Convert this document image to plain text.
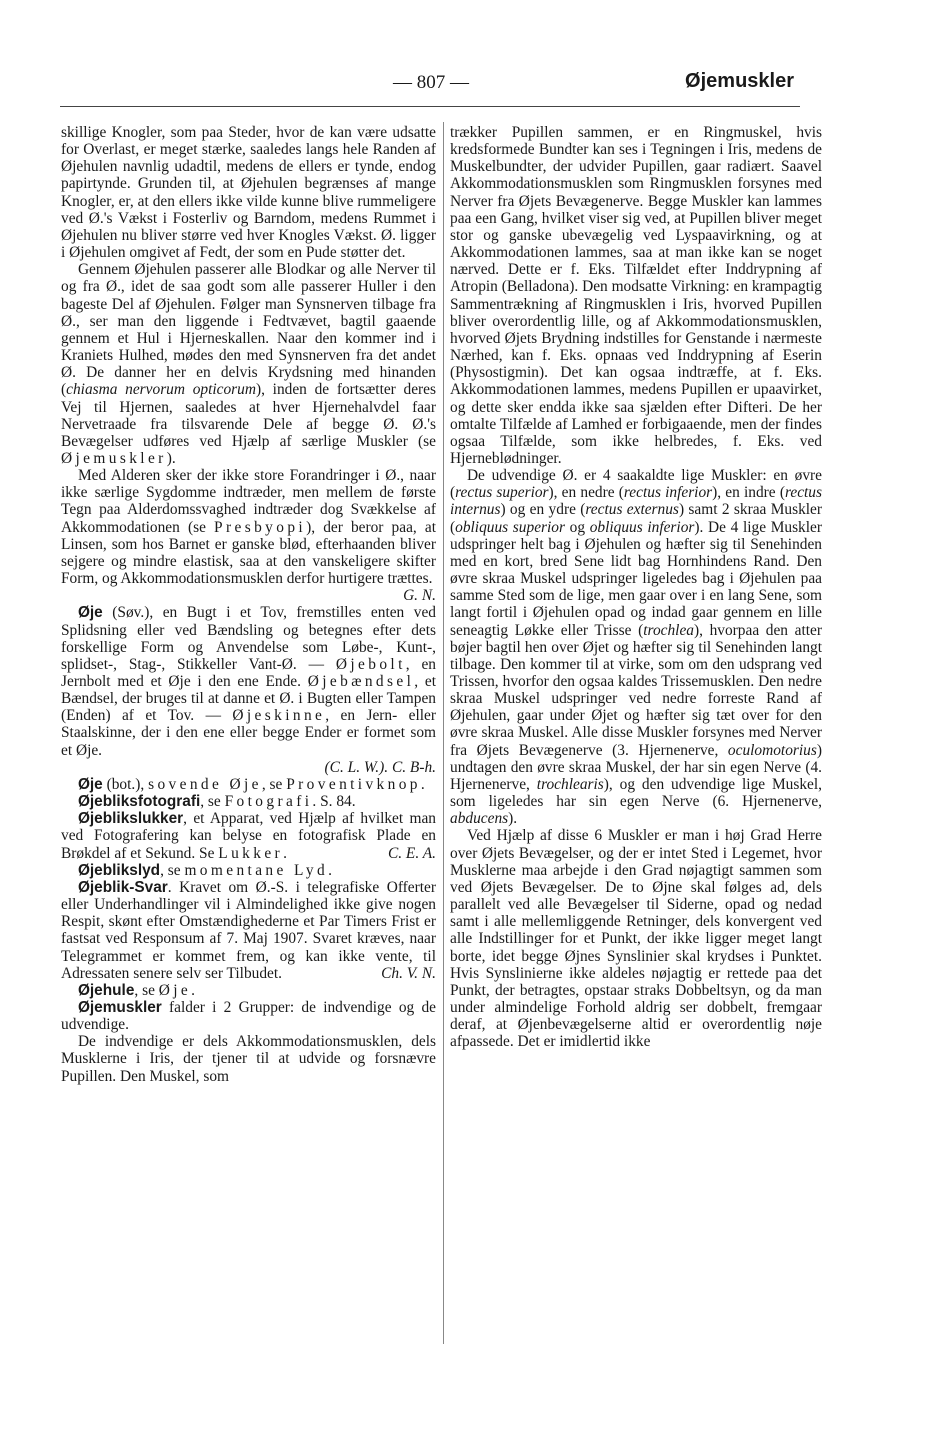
— 807 —	Øjemuskler

skillige Knogler, som paa Steder, hvor de kan være udsatte for Overlast, er meget stærke, saaledes langs hele Randen af Øjehulen navnlig udadtil, medens de ellers er tynde, endog papirtynde. Grunden til, at Øjehulen begrænses af mange Knogler, er, at den ellers ikke vilde kunne blive rummeligere ved Ø.'s Vækst i Fosterliv og Barndom, medens Rummet i Øjehulen nu bliver større ved hver Knogles Vækst. Ø. ligger i Øjehulen omgivet af Fedt, der som en Pude støtter det.

Gennem Øjehulen passerer alle Blodkar og alle Nerver til og fra Ø., idet de saa godt som alle passerer Huller i den bageste Del af Øjehulen. Følger man Synsnerven tilbage fra Ø., ser man den liggende i Fedtvævet, bagtil gaaende gennem et Hul i Hjerneskallen. Naar den kommer ind i Kraniets Hulhed, mødes den med Synsnerven fra det andet Ø. De danner her en delvis Krydsning med hinanden (chiasma nervorum opticorum), inden de fortsætter deres Vej til Hjernen, saaledes at hver Hjernehalvdel faar Nervetraade fra tilsvarende Dele af begge Ø. Ø.'s Bevægelser udføres ved Hjælp af særlige Muskler (se Øjemuskler).

Med Alderen sker der ikke store Forandringer i Ø., naar ikke særlige Sygdomme indtræder, men mellem de første Tegn paa Alderdomssvaghed indtræder dog Svækkelse af Akkommodationen (se Presbyopi), der beror paa, at Linsen, som hos Barnet er ganske blød, efterhaanden bliver sejgere og mindre elastisk, saa at den vanskeligere skifter Form, og Akkommodationsmusklen derfor hurtigere trættes.
G. N.

Øje (Søv.), en Bugt i et Tov, fremstilles enten ved Splidsning eller ved Bændsling og betegnes efter dets forskellige Form og Anvendelse som Løbe-, Kunt-, splidset-, Stag-, Stikkeller Vant-Ø. — Øjebolt, en Jernbolt med et Øje i den ene Ende. Øjebændsel, et Bændsel, der bruges til at danne et Ø. i Bugten eller Tampen (Enden) af et Tov. — Øjeskinne, en Jern- eller Staalskinne, der i den ene eller begge Ender er formet som et Øje.
(C. L. W.). C. B-h.

Øje (bot.), sovende Øje, se Proventivknop.

Øjebliksfotografi, se Fotografi. S. 84.

Øjeblikslukker, et Apparat, ved Hjælp af hvilket man ved Fotografering kan belyse en fotografisk Plade en Brøkdel af et Sekund. Se Lukker.	C. E. A.

Øjeblikslyd, se momentane Lyd.

Øjeblik-Svar. Kravet om Ø.-S. i telegrafiske Offerter eller Underhandlinger vil i Almindelighed ikke give nogen Respit, skønt efter Omstændighederne et Par Timers Frist er fastsat ved Responsum af 7. Maj 1907. Svaret kræves, naar Telegrammet er kommet frem, og kan ikke vente, til Adressaten senere selv ser Tilbudet.	Ch. V. N.

Øjehule, se Øje.

Øjemuskler falder i 2 Grupper: de indvendige og de udvendige.

De indvendige er dels Akkommodationsmusklen, dels Musklerne i Iris, der tjener til at udvide og forsnævre Pupillen. Den Muskel, som

trækker Pupillen sammen, er en Ringmuskel, hvis kredsformede Bundter kan ses i Tegningen i Iris, medens de Muskelbundter, der udvider Pupillen, gaar radiært. Saavel Akkommodationsmusklen som Ringmusklen forsynes med Nerver fra Øjets Bevægenerve. Begge Muskler kan lammes paa een Gang, hvilket viser sig ved, at Pupillen bliver meget stor og ganske ubevægelig ved Lyspaavirkning, og at Akkommodationen lammes, saa at man ikke kan se noget nærved. Dette er f. Eks. Tilfældet efter Inddrypning af Atropin (Belladona). Den modsatte Virkning: en krampagtig Sammentrækning af Ringmusklen i Iris, hvorved Pupillen bliver overordentlig lille, og af Akkommodationsmusklen, hvorved Øjets Brydning indstilles for Genstande i nærmeste Nærhed, kan f. Eks. opnaas ved Inddrypning af Eserin (Physostigmin). Det kan ogsaa indtræffe, at f. Eks. Akkommodationen lammes, medens Pupillen er upaavirket, og dette sker endda ikke saa sjælden efter Difteri. De her omtalte Tilfælde af Lamhed er forbigaaende, men der findes ogsaa Tilfælde, som ikke helbredes, f. Eks. ved Hjerneblødninger.

De udvendige Ø. er 4 saakaldte lige Muskler: en øvre (rectus superior), en nedre (rectus inferior), en indre (rectus internus) og en ydre (rectus externus) samt 2 skraa Muskler (obliquus superior og obliquus inferior). De 4 lige Muskler udspringer helt bag i Øjehulen og hæfter sig til Senehinden med en kort, bred Sene lidt bag Hornhindens Rand. Den øvre skraa Muskel udspringer ligeledes bag i Øjehulen paa samme Sted som de lige, men gaar over i en lang Sene, som langt fortil i Øjehulen opad og indad gaar gennem en lille seneagtig Løkke eller Trisse (trochlea), hvorpaa den atter bøjer bagtil hen over Øjet og hæfter sig til Senehinden langt tilbage. Den kommer til at virke, som om den udsprang ved Trissen, hvorfor den ogsaa kaldes Trissemusklen. Den nedre skraa Muskel udspringer ved nedre forreste Rand af Øjehulen, gaar under Øjet og hæfter sig tæt over for den øvre skraa Muskel. Alle disse Muskler forsynes med Nerver fra Øjets Bevægenerve (3. Hjernenerve, oculomotorius) undtagen den øvre skraa Muskel, der har sin egen Nerve (4. Hjernenerve, trochlearis), og den udvendige lige Muskel, som ligeledes har sin egen Nerve (6. Hjernenerve, abducens).

Ved Hjælp af disse 6 Muskler er man i høj Grad Herre over Øjets Bevægelser, og der er intet Sted i Legemet, hvor Musklerne maa arbejde i den Grad nøjagtigt sammen som ved Øjets Bevægelser. De to Øjne skal følges ad, dels parallelt ved alle Bevægelser til Siderne, opad og nedad samt i alle mellemliggende Retninger, dels konvergent ved alle Indstillinger for et Punkt, der ikke ligger meget langt borte, idet begge Øjnes Synslinier skal krydses i Punktet. Hvis Synslinierne ikke aldeles nøjagtig er rettede paa det Punkt, der betragtes, opstaar straks Dobbeltsyn, og da man under almindelige Forhold aldrig ser dobbelt, fremgaar deraf, at Øjenbevægelserne altid er overordentlig nøje afpassede. Det er imidlertid ikke
